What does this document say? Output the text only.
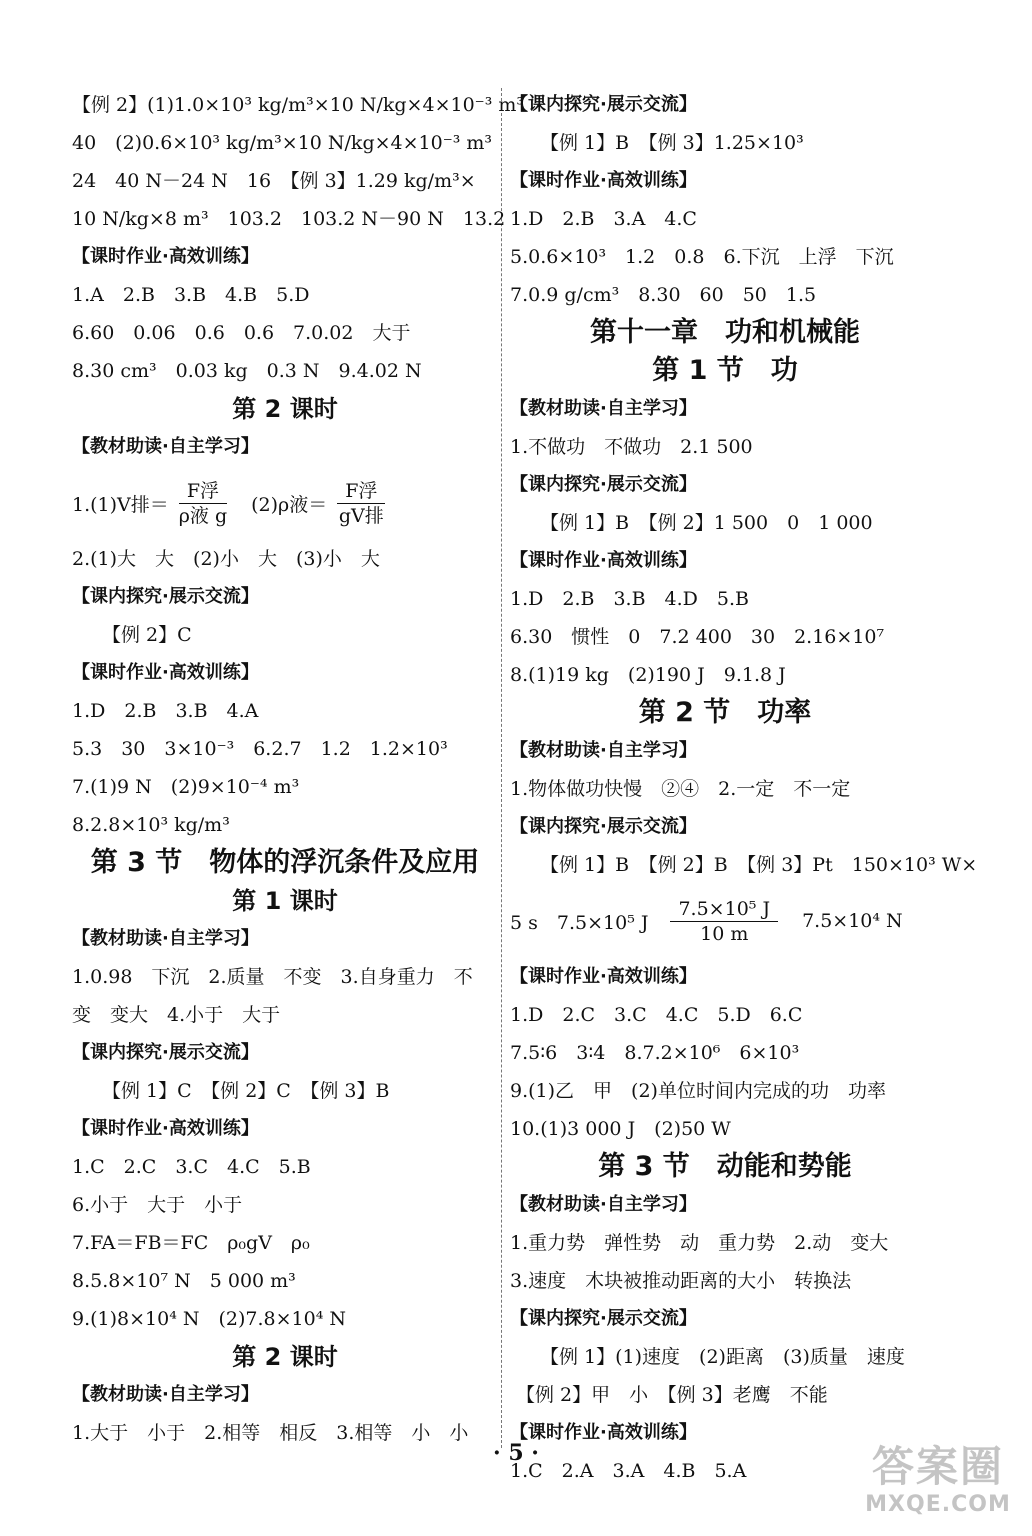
【例 2】(1)1.0×10³ kg/m³×10 N/kg×4×10⁻³ m³
40　(2)0.6×10³ kg/m³×10 N/kg×4×10⁻³ m³
24　40 N－24 N　16　【例 3】1.29 kg/m³×
10 N/kg×8 m³　103.2　103.2 N－90 N　13.2
【课时作业·高效训练】
1.A　2.B　3.B　4.B　5.D
6.60　0.06　0.6　0.6　7.0.02　大于
8.30 cm³　0.03 kg　0.3 N　9.4.02 N
第 2 课时
【教材助读·自主学习】
1.(1)V排＝ $\frac{\text{F浮}}{\text{ρ液 g}} (2)\rho$液＝ $\frac{\text{F浮}}{\text{gV排}}$
2.(1)大　大　(2)小　大　(3)小　大
【课内探究·展示交流】
【例 2】C
【课时作业·高效训练】
1.D　2.B　3.B　4.A
5.3　30　3×10⁻³　6.2.7　1.2　1.2×10³
7.(1)9 N　(2)9×10⁻⁴ m³
8.2.8×10³ kg/m³
第 3 节　物体的浮沉条件及应用
第 1 课时
【教材助读·自主学习】
1.0.98　下沉　2.质量　不变　3.自身重力　不
变　变大　4.小于　大于
【课内探究·展示交流】
【例 1】C　【例 2】C　【例 3】B
【课时作业·高效训练】
1.C　2.C　3.C　4.C　5.B
6.小于　大于　小于
7.FA＝FB＝FC　ρ₀gV　ρ₀
8.5.8×10⁷ N　5 000 m³
9.(1)8×10⁴ N　(2)7.8×10⁴ N
第 2 课时
【教材助读·自主学习】
1.大于　小于　2.相等　相反　3.相等　小　小
【课内探究·展示交流】
【例 1】B　【例 3】1.25×10³
【课时作业·高效训练】
1.D　2.B　3.A　4.C
5.0.6×10³　1.2　0.8　6.下沉　上浮　下沉
7.0.9 g/cm³　8.30　60　50　1.5
第十一章　功和机械能
第 1 节　功
【教材助读·自主学习】
1.不做功　不做功　2.1 500
【课内探究·展示交流】
【例 1】B　【例 2】1 500　0　1 000
【课时作业·高效训练】
1.D　2.B　3.B　4.D　5.B
6.30　惯性　0　7.2 400　30　2.16×10⁷
8.(1)19 kg　(2)190 J　9.1.8 J
第 2 节　功率
【教材助读·自主学习】
1.物体做功快慢　②④　2.一定　不一定
【课内探究·展示交流】
【例 1】B　【例 2】B　【例 3】Pt　150×10³ W×
5 s　7.5×10⁵ J $\frac{\text{7.5×10⁵ J}}{10 m} 7.5\times 10^4$ N
【课时作业·高效训练】
1.D　2.C　3.C　4.C　5.D　6.C
7.5∶6　3∶4　8.7.2×10⁶　6×10³
9.(1)乙　甲　(2)单位时间内完成的功　功率
10.(1)3 000 J　(2)50 W
第 3 节　动能和势能
【教材助读·自主学习】
1.重力势　弹性势　动　重力势　2.动　变大
3.速度　木块被推动距离的大小　转换法
【课内探究·展示交流】
【例 1】(1)速度　(2)距离　(3)质量　速度
【例 2】甲　小　【例 3】老鹰　不能
【课时作业·高效训练】
1.C　2.A　3.A　4.B　5.A
· 5 ·	答案圈
MXQE.COM
